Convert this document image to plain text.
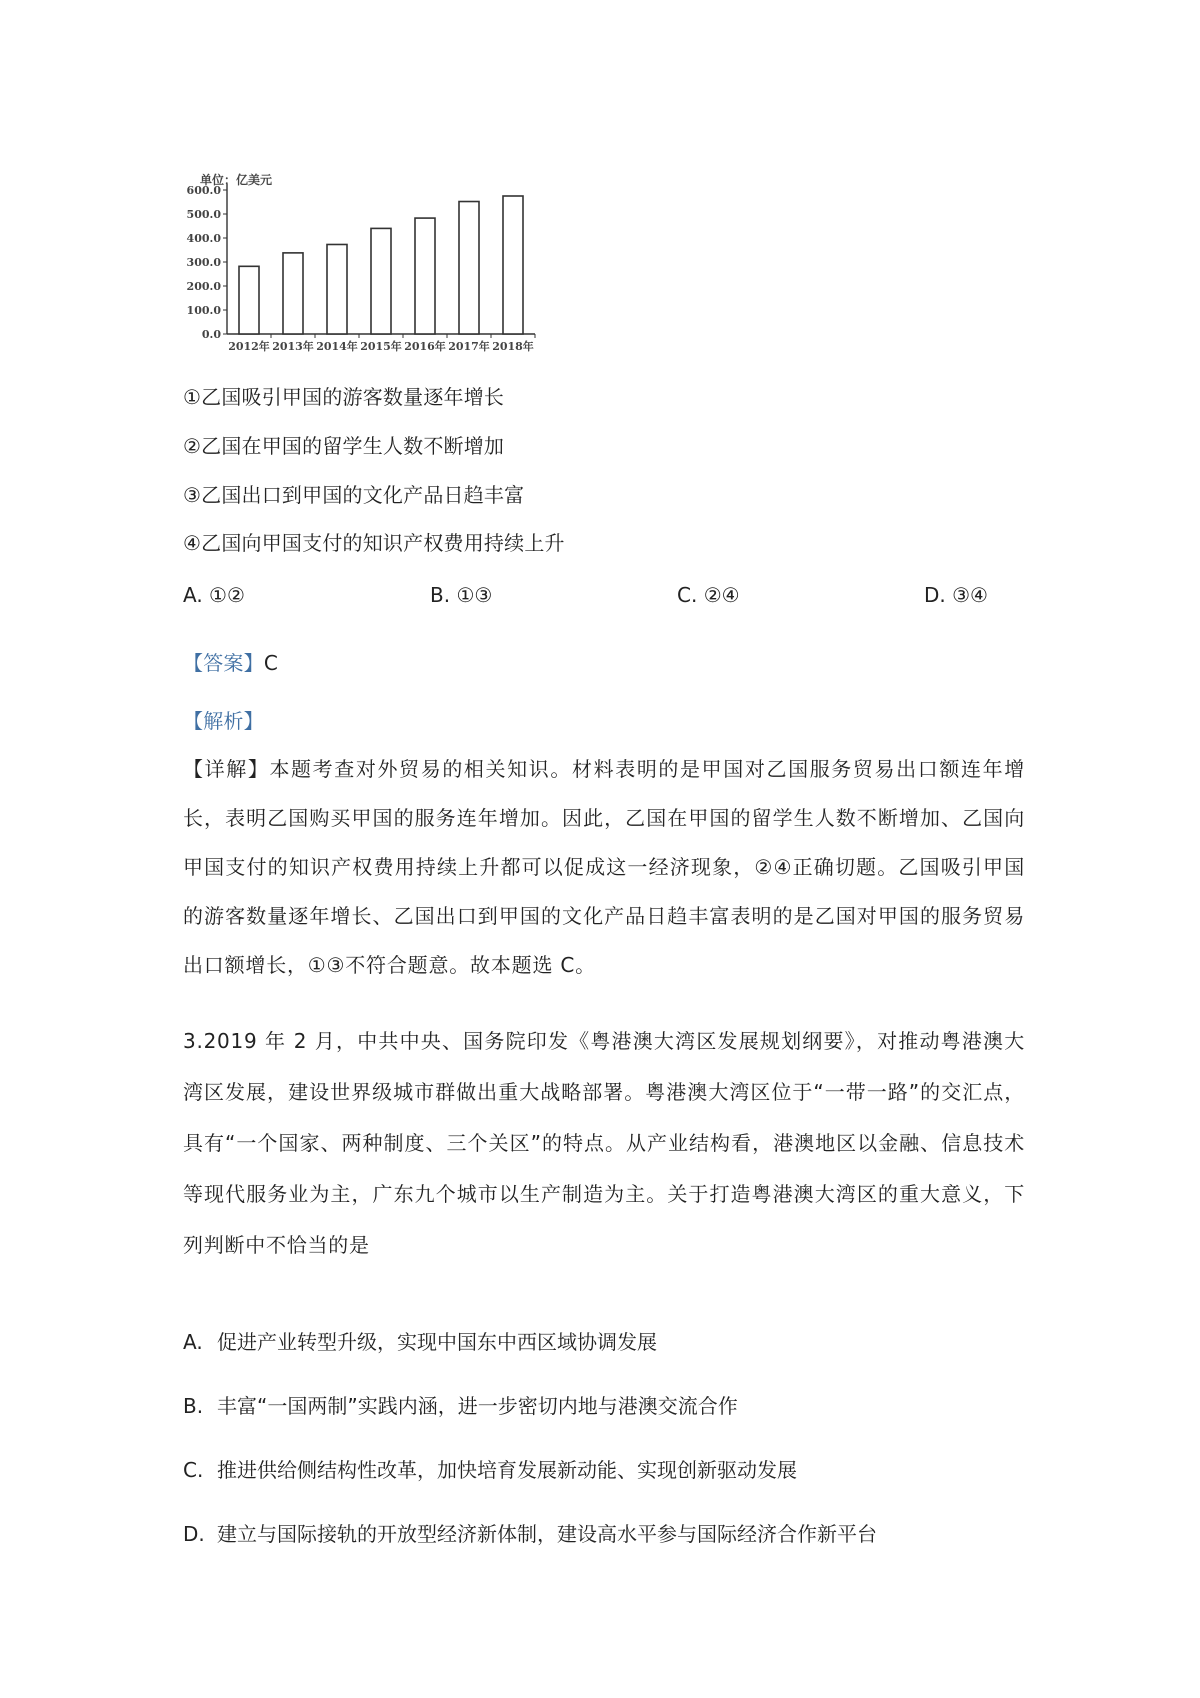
单位：亿美元
0.0
100.0
200.0
300.0
400.0
500.0
600.0
2012年 2013年 2014年 2015年 2016年 2017年 2018年
①乙国吸引甲国的游客数量逐年增长
②乙国在甲国的留学生人数不断增加
③乙国出口到甲国的文化产品日趋丰富
④乙国向甲国支付的知识产权费用持续上升
A. ①②	B. ①③	C. ②④	D. ③④
【答案】C
【解析】
【详解】本题考查对外贸易的相关知识。材料表明的是甲国对乙国服务贸易出口额连年增长，表明乙国购买甲国的服务连年增加。因此，乙国在甲国的留学生人数不断增加、乙国向甲国支付的知识产权费用持续上升都可以促成这一经济现象，②④正确切题。乙国吸引甲国的游客数量逐年增长、乙国出口到甲国的文化产品日趋丰富表明的是乙国对甲国的服务贸易出口额增长，①③不符合题意。故本题选 C。
3.2019 年 2 月，中共中央、国务院印发《粤港澳大湾区发展规划纲要》，对推动粤港澳大湾区发展，建设世界级城市群做出重大战略部署。粤港澳大湾区位于“一带一路”的交汇点，具有“一个国家、两种制度、三个关区”的特点。从产业结构看，港澳地区以金融、信息技术等现代服务业为主，广东九个城市以生产制造为主。关于打造粤港澳大湾区的重大意义，下列判断中不恰当的是
A. 促进产业转型升级，实现中国东中西区域协调发展
B. 丰富“一国两制”实践内涵，进一步密切内地与港澳交流合作
C. 推进供给侧结构性改革，加快培育发展新动能、实现创新驱动发展
D. 建立与国际接轨的开放型经济新体制，建设高水平参与国际经济合作新平台
